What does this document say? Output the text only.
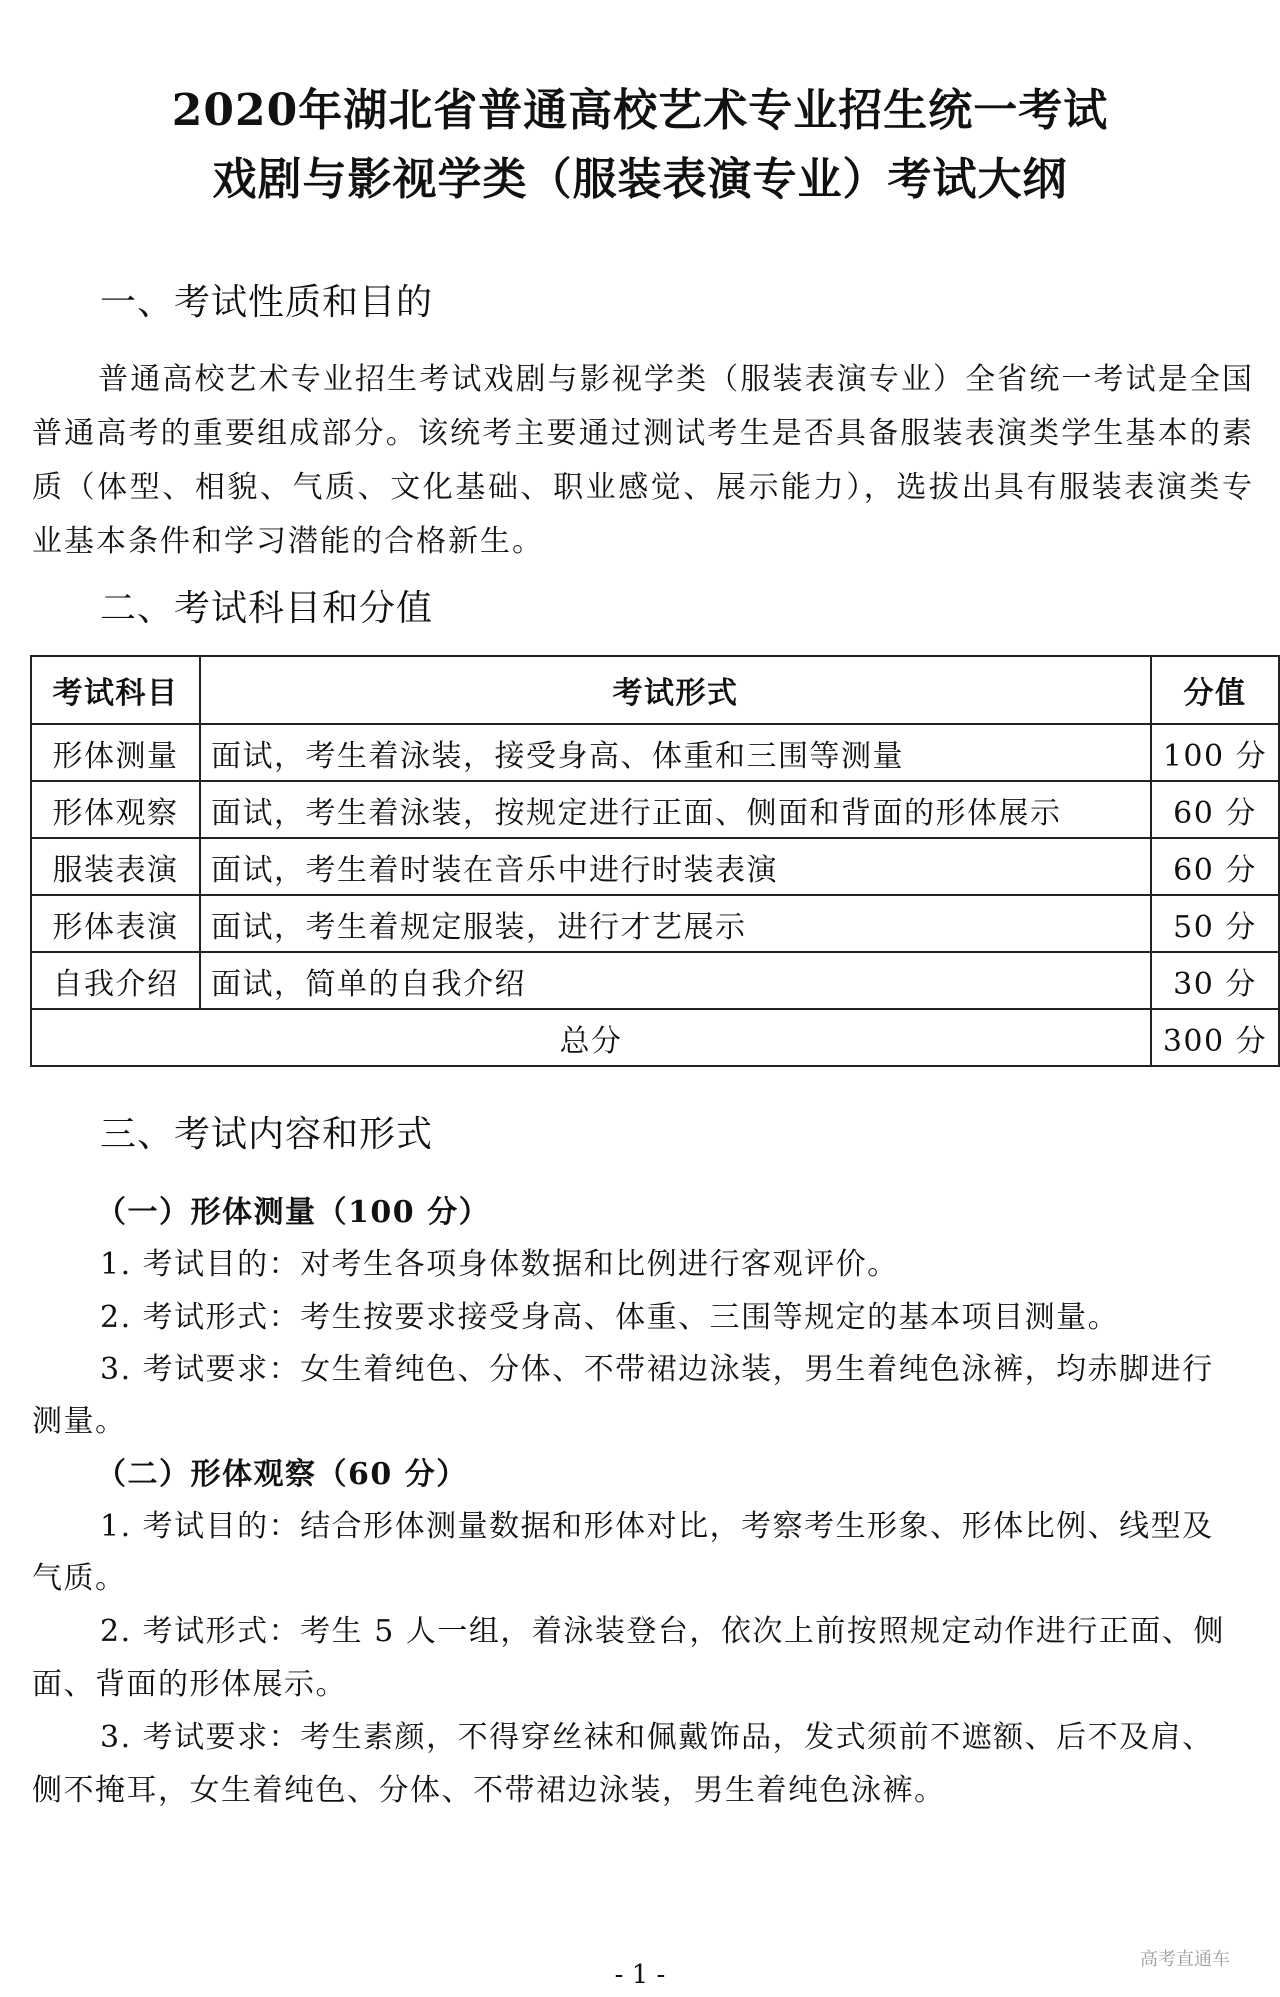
2020年湖北省普通高校艺术专业招生统一考试
戏剧与影视学类（服装表演专业）考试大纲
一、考试性质和目的
普通高校艺术专业招生考试戏剧与影视学类（服装表演专业）全省统一考试是全国普通高考的重要组成部分。该统考主要通过测试考生是否具备服装表演类学生基本的素质（体型、相貌、气质、文化基础、职业感觉、展示能力），选拔出具有服装表演类专业基本条件和学习潜能的合格新生。
二、考试科目和分值
考试科目	考试形式	分值
形体测量	面试，考生着泳装，接受身高、体重和三围等测量	100 分
形体观察	面试，考生着泳装，按规定进行正面、侧面和背面的形体展示	60 分
服装表演	面试，考生着时装在音乐中进行时装表演	60 分
形体表演	面试，考生着规定服装，进行才艺展示	50 分
自我介绍	面试，简单的自我介绍	30 分
总分		300 分
三、考试内容和形式
（一）形体测量（100 分）
1. 考试目的：对考生各项身体数据和比例进行客观评价。
2. 考试形式：考生按要求接受身高、体重、三围等规定的基本项目测量。
3. 考试要求：女生着纯色、分体、不带裙边泳装，男生着纯色泳裤，均赤脚进行
测量。
（二）形体观察（60 分）
1. 考试目的：结合形体测量数据和形体对比，考察考生形象、形体比例、线型及
气质。
2. 考试形式：考生 5 人一组，着泳装登台，依次上前按照规定动作进行正面、侧
面、背面的形体展示。
3. 考试要求：考生素颜，不得穿丝袜和佩戴饰品，发式须前不遮额、后不及肩、
侧不掩耳，女生着纯色、分体、不带裙边泳装，男生着纯色泳裤。
高考直通车
- 1 -
